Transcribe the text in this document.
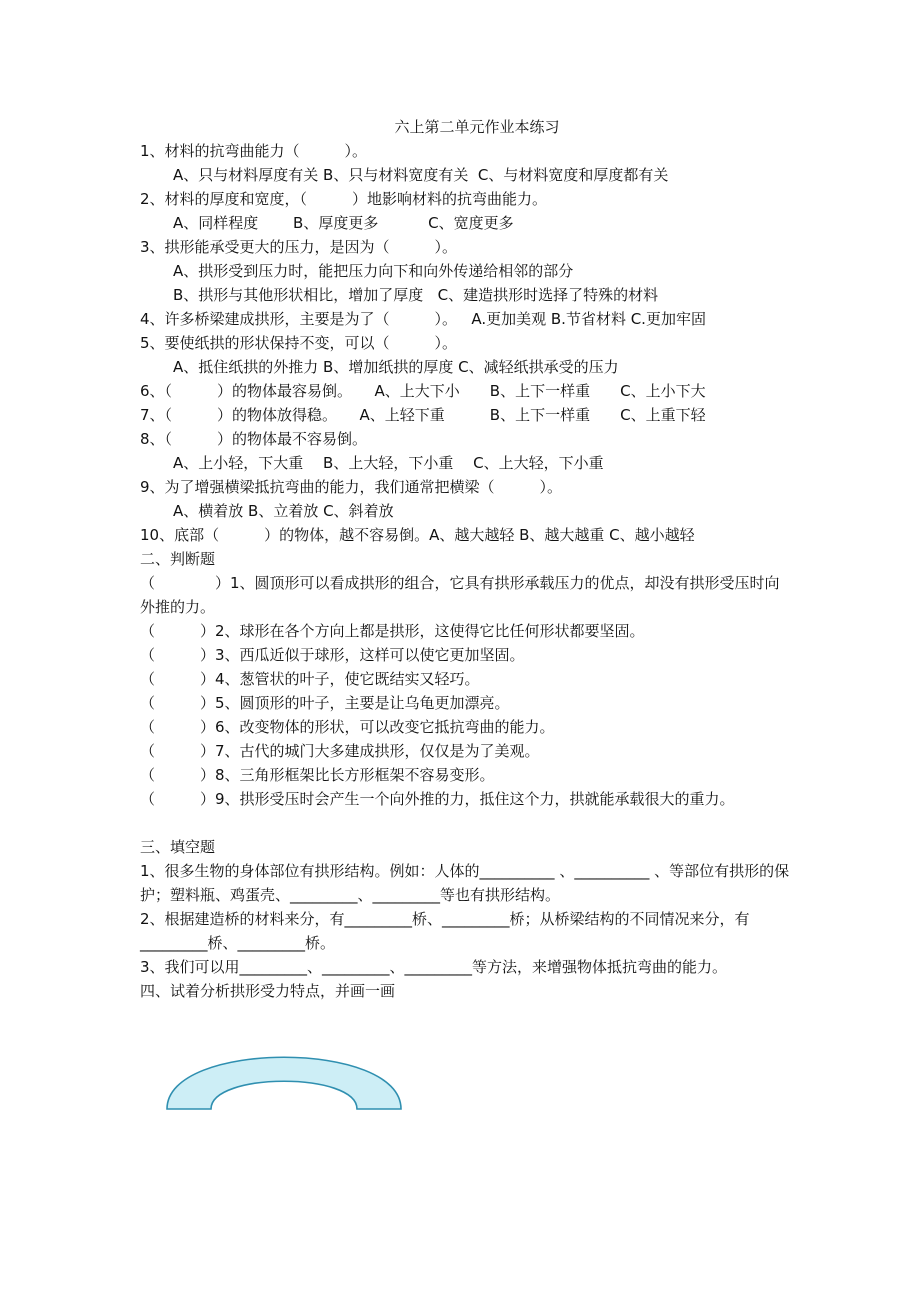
六上第二单元作业本练习
1、材料的抗弯曲能力（　　　）。
A、只与材料厚度有关 B、只与材料宽度有关  C、与材料宽度和厚度都有关
2、材料的厚度和宽度，（　　　）地影响材料的抗弯曲能力。
A、同样程度　　 B、厚度更多　　　 C、宽度更多
3、拱形能承受更大的压力，是因为（　　　）。
A、拱形受到压力时，能把压力向下和向外传递给相邻的部分
B、拱形与其他形状相比，增加了厚度   C、建造拱形时选择了特殊的材料
4、许多桥梁建成拱形，主要是为了（　　　）。   A.更加美观 B.节省材料 C.更加牢固
5、要使纸拱的形状保持不变，可以（　　　）。
A、抵住纸拱的外推力 B、增加纸拱的厚度 C、减轻纸拱承受的压力
6、（　　　）的物体最容易倒。　　A、上大下小　　B、上下一样重　　C、上小下大
7、（　　　）的物体放得稳。　　A、上轻下重　　　B、上下一样重　　C、上重下轻
8、（　　　）的物体最不容易倒。
A、上小轻，下大重　 B、上大轻，下小重　 C、上大轻，下小重
9、为了增强横梁抵抗弯曲的能力，我们通常把横梁（　　　）。
A、横着放 B、立着放 C、斜着放
10、底部（　　　）的物体，越不容易倒。A、越大越轻 B、越大越重 C、越小越轻
二、判断题
（　　　　）1、圆顶形可以看成拱形的组合，它具有拱形承载压力的优点，却没有拱形受压时向外推的力。
（　　　）2、球形在各个方向上都是拱形，这使得它比任何形状都要坚固。
（　　　）3、西瓜近似于球形，这样可以使它更加坚固。
（　　　）4、葱管状的叶子，使它既结实又轻巧。
（　　　）5、圆顶形的叶子，主要是让乌龟更加漂亮。
（　　　）6、改变物体的形状，可以改变它抵抗弯曲的能力。
（　　　）7、古代的城门大多建成拱形，仅仅是为了美观。
（　　　）8、三角形框架比长方形框架不容易变形。
（　　　）9、拱形受压时会产生一个向外推的力，抵住这个力，拱就能承载很大的重力。
三、填空题
1、很多生物的身体部位有拱形结构。例如：人体的__________ 、__________ 、等部位有拱形的保护；塑料瓶、鸡蛋壳、_________、_________等也有拱形结构。
2、根据建造桥的材料来分，有_________桥、_________桥；从桥梁结构的不同情况来分，有_________桥、_________桥。
3、我们可以用_________、_________、_________等方法，来增强物体抵抗弯曲的能力。
四、试着分析拱形受力特点，并画一画
